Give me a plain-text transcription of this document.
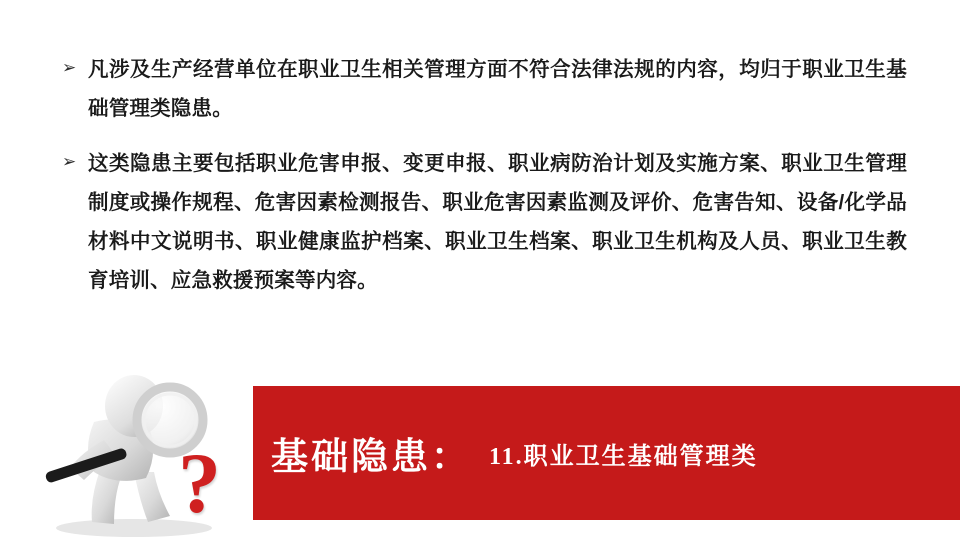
➢ 凡涉及生产经营单位在职业卫生相关管理方面不符合法律法规的内容，均归于职业卫生基础管理类隐患。
➢ 这类隐患主要包括职业危害申报、变更申报、职业病防治计划及实施方案、职业卫生管理制度或操作规程、危害因素检测报告、职业危害因素监测及评价、危害告知、设备/化学品材料中文说明书、职业健康监护档案、职业卫生档案、职业卫生机构及人员、职业卫生教育培训、应急救援预案等内容。
? 基础隐患： 11.职业卫生基础管理类
